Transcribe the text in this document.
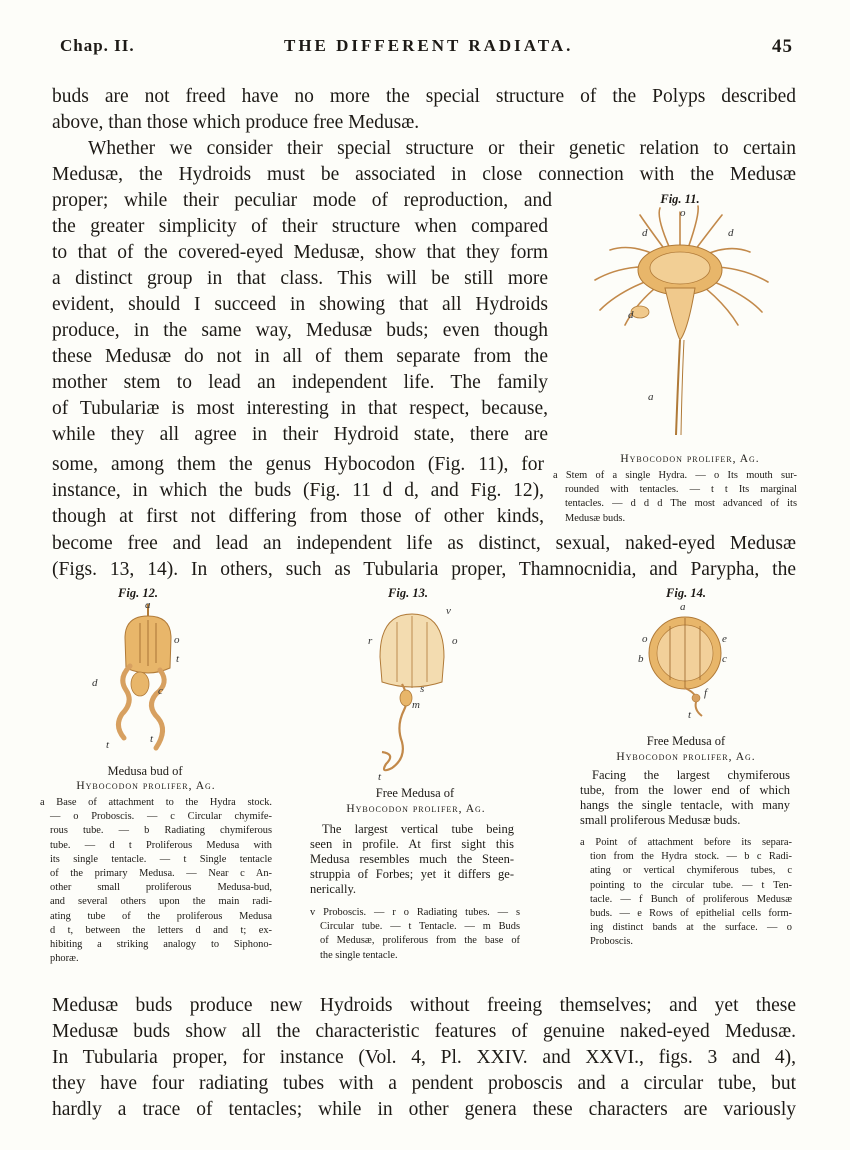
Chap. II.	THE DIFFERENT RADIATA.	45
buds are not freed have no more the special structure of the Polyps described
above, than those which produce free Medusæ.
Whether we consider their special structure or their genetic relation to certain
Medusæ, the Hydroids must be associated in close connection with the Medusæ
proper; while their peculiar mode of reproduction, and
the greater simplicity of their structure when compared
to that of the covered-eyed Medusæ, show that they form
a distinct group in that class. This will be still more
evident, should I succeed in showing that all Hydroids
produce, in the same way, Medusæ buds; even though
these Medusæ do not in all of them separate from the
mother stem to lead an independent life. The family
of Tubulariæ is most interesting in that respect, because,
while they all agree in their Hydroid state, there are
some, among them the genus Hybocodon (Fig. 11), for
instance, in which the buds (Fig. 11 d d, and Fig. 12),
though at first not differing from those of other kinds,
become free and lead an independent life as distinct, sexual, naked-eyed Medusæ
(Figs. 13, 14). In others, such as Tubularia proper, Thamnocnidia, and Parypha, the
Fig. 11.
o
d	d
d
a
Hybocodon prolifer, Ag.
a Stem of a single Hydra. — o Its mouth sur-
rounded with tentacles. — t t Its marginal
tentacles. — d d d The most advanced of its
Medusæ buds.
Fig. 12.
a
o
t
d
c
t	t
Medusa bud of
Hybocodon prolifer, Ag.
a Base of attachment to the Hydra stock.
— o Proboscis. — c Circular chymife-
rous tube. — b Radiating chymiferous
tube. — d t Proliferous Medusa with
its single tentacle. — t Single tentacle
of the primary Medusa. — Near c An-
other small proliferous Medusa-bud,
and several others upon the main radi-
ating tube of the proliferous Medusa
d t, between the letters d and t; ex-
hibiting a striking analogy to Siphono-
phoræ.
Fig. 13.
v
r	o
s
m
t
Free Medusa of
Hybocodon prolifer, Ag.
The largest vertical tube being
seen in profile. At first sight this
Medusa resembles much the Steen-
struppia of Forbes; yet it differs ge-
nerically.
v Proboscis. — r o Radiating tubes. — s
Circular tube. — t Tentacle. — m Buds
of Medusæ, proliferous from the base of
the single tentacle.
Fig. 14.
a
o	e
b	c
f
t
Free Medusa of
Hybocodon prolifer, Ag.
Facing the largest chymiferous
tube, from the lower end of which
hangs the single tentacle, with many
small proliferous Medusæ buds.
a Point of attachment before its separa-
tion from the Hydra stock. — b c Radi-
ating or vertical chymiferous tubes, c
pointing to the circular tube. — t Ten-
tacle. — f Bunch of proliferous Medusæ
buds. — e Rows of epithelial cells form-
ing distinct bands at the surface. — o
Proboscis.
Medusæ buds produce new Hydroids without freeing themselves; and yet these
Medusæ buds show all the characteristic features of genuine naked-eyed Medusæ.
In Tubularia proper, for instance (Vol. 4, Pl. XXIV. and XXVI., figs. 3 and 4),
they have four radiating tubes with a pendent proboscis and a circular tube, but
hardly a trace of tentacles; while in other genera these characters are variously
